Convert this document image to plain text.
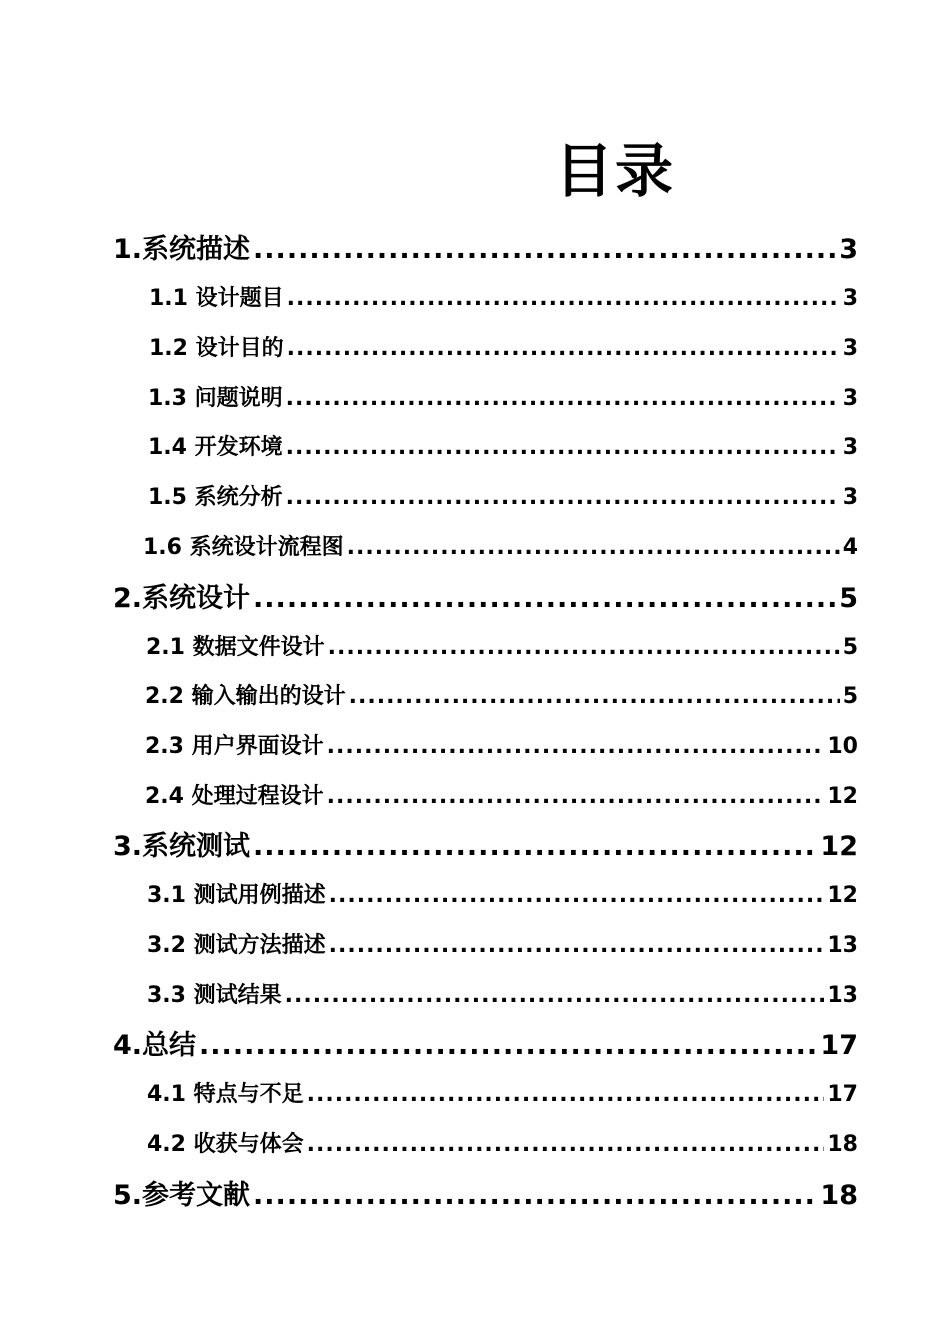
目录
1.系统描述 .....	3
1.1 设计题目 .....	3
1.2 设计目的 .....	3
1.3 问题说明 .....	3
1.4 开发环境 .....	3
1.5 系统分析 .....	3
1.6 系统设计流程图 .....	4
2.系统设计 .....	5
2.1 数据文件设计 .....	5
2.2 输入输出的设计 .....	5
2.3 用户界面设计 .....	10
2.4 处理过程设计 .....	12
3.系统测试 .....	12
3.1 测试用例描述 .....	12
3.2 测试方法描述 .....	13
3.3 测试结果 .....	13
4.总结 .....	17
4.1 特点与不足 .....	17
4.2 收获与体会 .....	18
5.参考文献 .....	18
